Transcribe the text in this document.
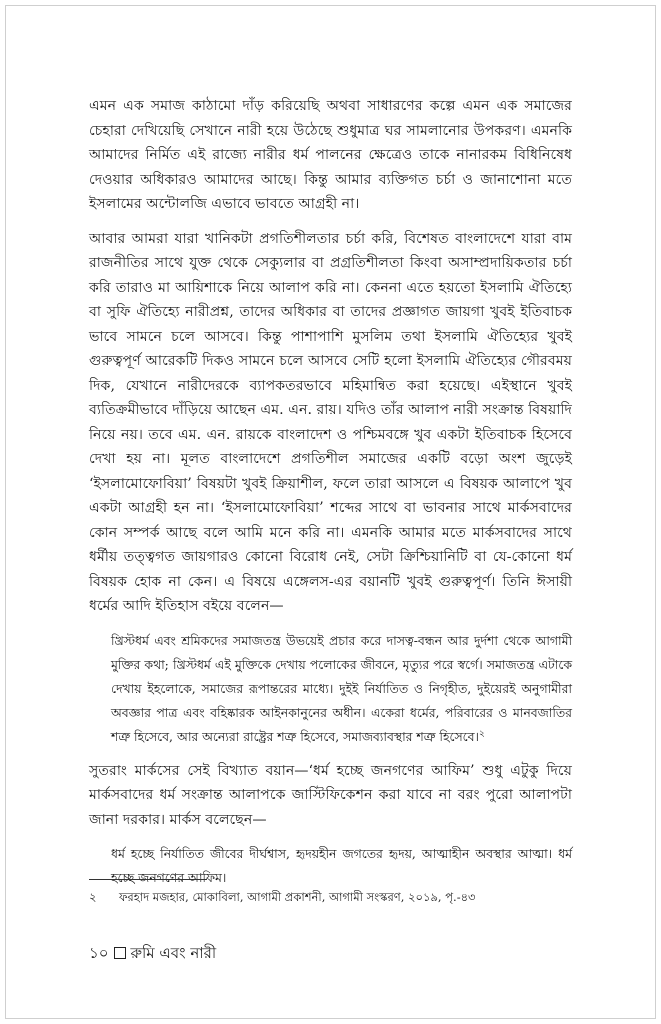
এমন এক সমাজ কাঠামো দাঁড় করিয়েছি অথবা সাধারণের কল্পে এমন এক সমাজের চেহারা দেখিয়েছি সেখানে নারী হয়ে উঠেছে শুধুমাত্র ঘর সামলানোর উপকরণ। এমনকি আমাদের নির্মিত এই রাজ্যে নারীর ধর্ম পালনের ক্ষেত্রেও তাকে নানারকম বিধিনিষেধ দেওয়ার অধিকারও আমাদের আছে। কিন্তু আমার ব্যক্তিগত চর্চা ও জানাশোনা মতে ইসলামের অন্টোলজি এভাবে ভাবতে আগ্রহী না।

আবার আমরা যারা খানিকটা প্রগতিশীলতার চর্চা করি, বিশেষত বাংলাদেশে যারা বাম রাজনীতির সাথে যুক্ত থেকে সেক্যুলার বা প্রগ্রতিশীলতা কিংবা অসাম্প্রদায়িকতার চর্চা করি তারাও মা আয়িশাকে নিয়ে আলাপ করি না। কেননা এতে হয়তো ইসলামি ঐতিহ্যে বা সুফি ঐতিহ্যে নারীপ্রশ্ন, তাদের অধিকার বা তাদের প্রজ্ঞাগত জায়গা খুবই ইতিবাচক ভাবে সামনে চলে আসবে। কিন্তু পাশাপাশি মুসলিম তথা ইসলামি ঐতিহ্যের খুবই গুরুত্বপূর্ণ আরেকটি দিকও সামনে চলে আসবে সেটি হলো ইসলামি ঐতিহ্যের গৌরবময় দিক, যেখানে নারীদেরকে ব্যাপকতরভাবে মহিমান্বিত করা হয়েছে। এইস্থানে খুবই ব্যতিক্রমীভাবে দাঁড়িয়ে আছেন এম. এন. রায়। যদিও তাঁর আলাপ নারী সংক্রান্ত বিষয়াদি নিয়ে নয়। তবে এম. এন. রায়কে বাংলাদেশ ও পশ্চিমবঙ্গে খুব একটা ইতিবাচক হিসেবে দেখা হয় না। মূলত বাংলাদেশে প্রগতিশীল সমাজের একটি বড়ো অংশ জুড়েই ‘ইসলামোফোবিয়া’ বিষয়টা খুবই ক্রিয়াশীল, ফলে তারা আসলে এ বিষয়ক আলাপে খুব একটা আগ্রহী হন না। ‘ইসলামোফোবিয়া’ শব্দের সাথে বা ভাবনার সাথে মার্কসবাদের কোন সম্পর্ক আছে বলে আমি মনে করি না। এমনকি আমার মতে মার্কসবাদের সাথে ধর্মীয় তত্ত্বগত জায়গারও কোনো বিরোধ নেই, সেটা ক্রিশ্চিয়ানিটি বা যে-কোনো ধর্ম বিষয়ক হোক না কেন। এ বিষয়ে এঙ্গেলস-এর বয়ানটি খুবই গুরুত্বপূর্ণ। তিনি ঈসায়ী ধর্মের আদি ইতিহাস বইয়ে বলেন—

খ্রিস্টধর্ম এবং শ্রমিকদের সমাজতন্ত্র উভয়েই প্রচার করে দাসত্ব-বন্ধন আর দুর্দশা থেকে আগামী মুক্তির কথা; খ্রিস্টধর্ম এই মুক্তিকে দেখায় পলোকের জীবনে, মৃত্যুর পরে স্বর্গে। সমাজতন্ত্র এটাকে দেখায় ইহলোকে, সমাজের রূপান্তরের মাধ্যে। দুইই নির্যাতিত ও নিগৃহীত, দুইয়েরই অনুগামীরা অবজ্ঞার পাত্র এবং বহিষ্কারক আইনকানুনের অধীন। একেরা ধর্মের, পরিবারের ও মানবজাতির শত্রু হিসেবে, আর অন্যেরা রাষ্ট্রের শত্রু হিসেবে, সমাজব্যাবস্থার শত্রু হিসেবে।$^২$

সুতরাং মার্কসের সেই বিখ্যাত বয়ান—‘ধর্ম হচ্ছে জনগণের আফিম’ শুধু এটুকু দিয়ে মার্কসবাদের ধর্ম সংক্রান্ত আলাপকে জাস্টিফিকেশন করা যাবে না বরং পুরো আলাপটা জানা দরকার। মার্কস বলেছেন—

ধর্ম হচ্ছে নির্যাতিত জীবের দীর্ঘশ্বাস, হৃদয়হীন জগতের হৃদয়, আত্মাহীন অবস্থার আত্মা। ধর্ম হচ্ছে জনগণের আফিম।
২ ফরহাদ মজহার, মোকাবিলা, আগামী প্রকাশনী, আগামী সংস্করণ, ২০১৯, পৃ.-৪৩
১০ রুমি এবং নারী
